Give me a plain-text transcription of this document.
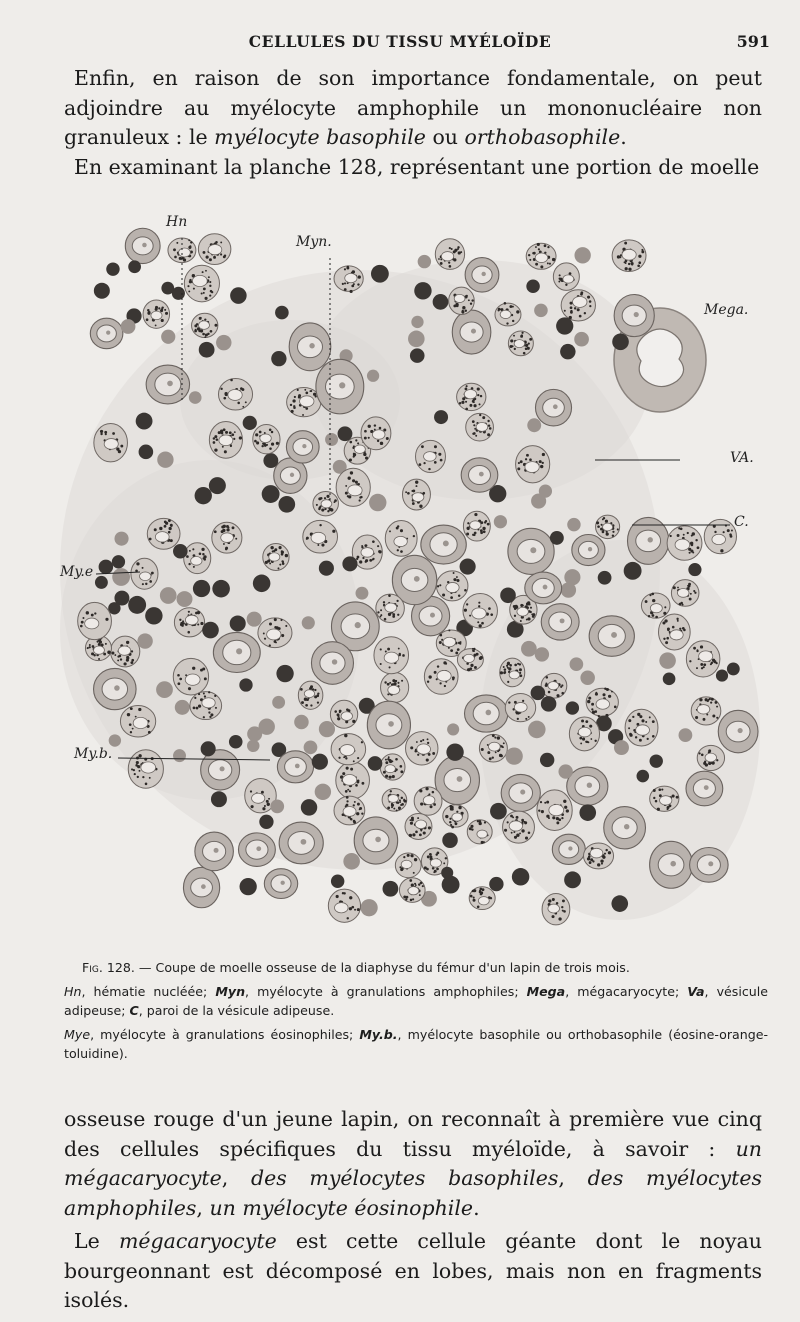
CELLULES DU TISSU MYÉLOÏDE	591

Enfin, en raison de son importance fondamentale, on peut adjoindre au myélocyte amphophile un mononucléaire non granuleux : le myélocyte basophile ou orthobasophile.

En examinant la planche 128, représentant une portion de moelle

Hn
Myn.
Mega.
VA.
C.
My.e
My.b.

Fig. 128. — Coupe de moelle osseuse de la diaphyse du fémur d'un lapin de trois mois.

Hn, hématie nucléée; Myn, myélocyte à granulations amphophiles; Mega, mégacaryocyte; Va, vésicule adipeuse; C, paroi de la vésicule adipeuse.

Mye, myélocyte à granulations éosinophiles; My.b., myélocyte basophile ou orthobasophile (éosine-orange-toluidine).

osseuse rouge d'un jeune lapin, on reconnaît à première vue cinq des cellules spécifiques du tissu myéloïde, à savoir : un mégacaryocyte, des myélocytes basophiles, des myélocytes amphophiles, un myélocyte éosinophile.

Le mégacaryocyte est cette cellule géante dont le noyau bourgeonnant est décomposé en lobes, mais non en fragments isolés.
